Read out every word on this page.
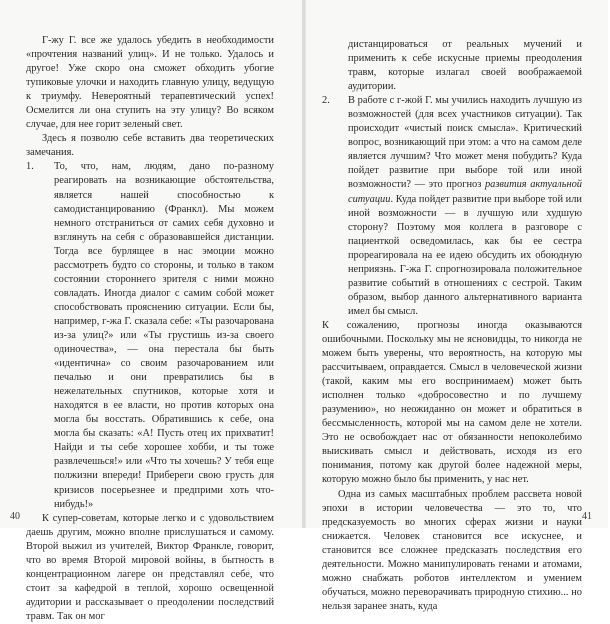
Г-жу Г. все же удалось убедить в необходимости «прочтения названий улиц». И не только. Удалось и другое! Уже скоро она сможет обходить убогие тупиковые улочки и находить главную улицу, ведущую к триумфу. Невероятный терапевтический успех! Осмелится ли она ступить на эту улицу? Во всяком случае, для нее горит зеленый свет.

Здесь я позволю себе вставить два теоретических замечания.

1. То, что, нам, людям, дано по-разному реагировать на возникающие обстоятельства, является нашей способностью к самодистанцированию (Франкл). Мы можем немного отстраниться от самих себя духовно и взглянуть на себя с образовавшейся дистанции. Тогда все бурлящее в нас эмоции можно рассмотреть будто со стороны, и только в таком состоянии стороннего зрителя с ними можно совладать. Иногда диалог с самим собой может способствовать прояснению ситуации. Если бы, например, г-жа Г. сказала себе: «Ты разочарована из-за улиц?» или «Ты грустишь из-за своего одиночества», — она перестала бы быть «идентична» со своим разочарованием или печалью и они превратились бы в нежелательных спутников, которые хотя и находятся в ее власти, но против которых она могла бы восстать. Обратившись к себе, она могла бы сказать: «А! Пусть отец их прихватит! Найди и ты себе хорошее хобби, и ты тоже развлечешься!» или «Что ты хочешь? У тебя еще полжизни впереди! Прибереги свою грусть для кризисов посерьезнее и предприми хоть что-нибудь!»

К супер-советам, которые легко и с удовольствием даешь другим, можно вполне прислушаться и самому. Второй выжил из учителей, Виктор Франкле, говорит, что во время Второй мировой войны, в бытность в концентрационном лагере он представлял себе, что стоит за кафедрой в теплой, хорошо освещенной аудитории и рассказывает о преодолении последствий травм. Так он мог

40

дистанцироваться от реальных мучений и применить к себе искусные приемы преодоления травм, которые излагал своей воображаемой аудитории.

2. В работе с г-жой Г. мы учились находить лучшую из возможностей (для всех участников ситуации). Так происходит «чистый поиск смысла». Критический вопрос, возникающий при этом: а что на самом деле является лучшим? Что может меня побудить? Куда пойдет развитие при выборе той или иной возможности? — это прогноз развития актуальной ситуации. Куда пойдет развитие при выборе той или иной возможности — в лучшую или худшую сторону? Поэтому моя коллега в разговоре с пациенткой осведомилась, как бы ее сестра прореагировала на ее идею обсудить их обоюдную неприязнь. Г-жа Г. спрогнозировала положительное развитие событий в отношениях с сестрой. Таким образом, выбор данного альтернативного варианта имел бы смысл.

К сожалению, прогнозы иногда оказываются ошибочными. Поскольку мы не ясновидцы, то никогда не можем быть уверены, что вероятность, на которую мы рассчитываем, оправдается. Смысл в человеческой жизни (такой, каким мы его воспринимаем) может быть исполнен только «добросовестно и по лучшему разумению», но неожиданно он может и обратиться в бессмысленность, которой мы на самом деле не хотели. Это не освобождает нас от обязанности непоколебимо выискивать смысл и действовать, исходя из его понимания, потому как другой более надежной меры, которую можно было бы применить, у нас нет.

Одна из самых масштабных проблем рассвета новой эпохи в истории человечества — это то, что предсказуемость во многих сферах жизни и науки снижается. Человек становится все искуснее, и становится все сложнее предсказать последствия его деятельности. Можно манипулировать генами и атомами, можно снабжать роботов интеллектом и умением обучаться, можно переворачивать природную стихию... но нельзя заранее знать, куда

41
